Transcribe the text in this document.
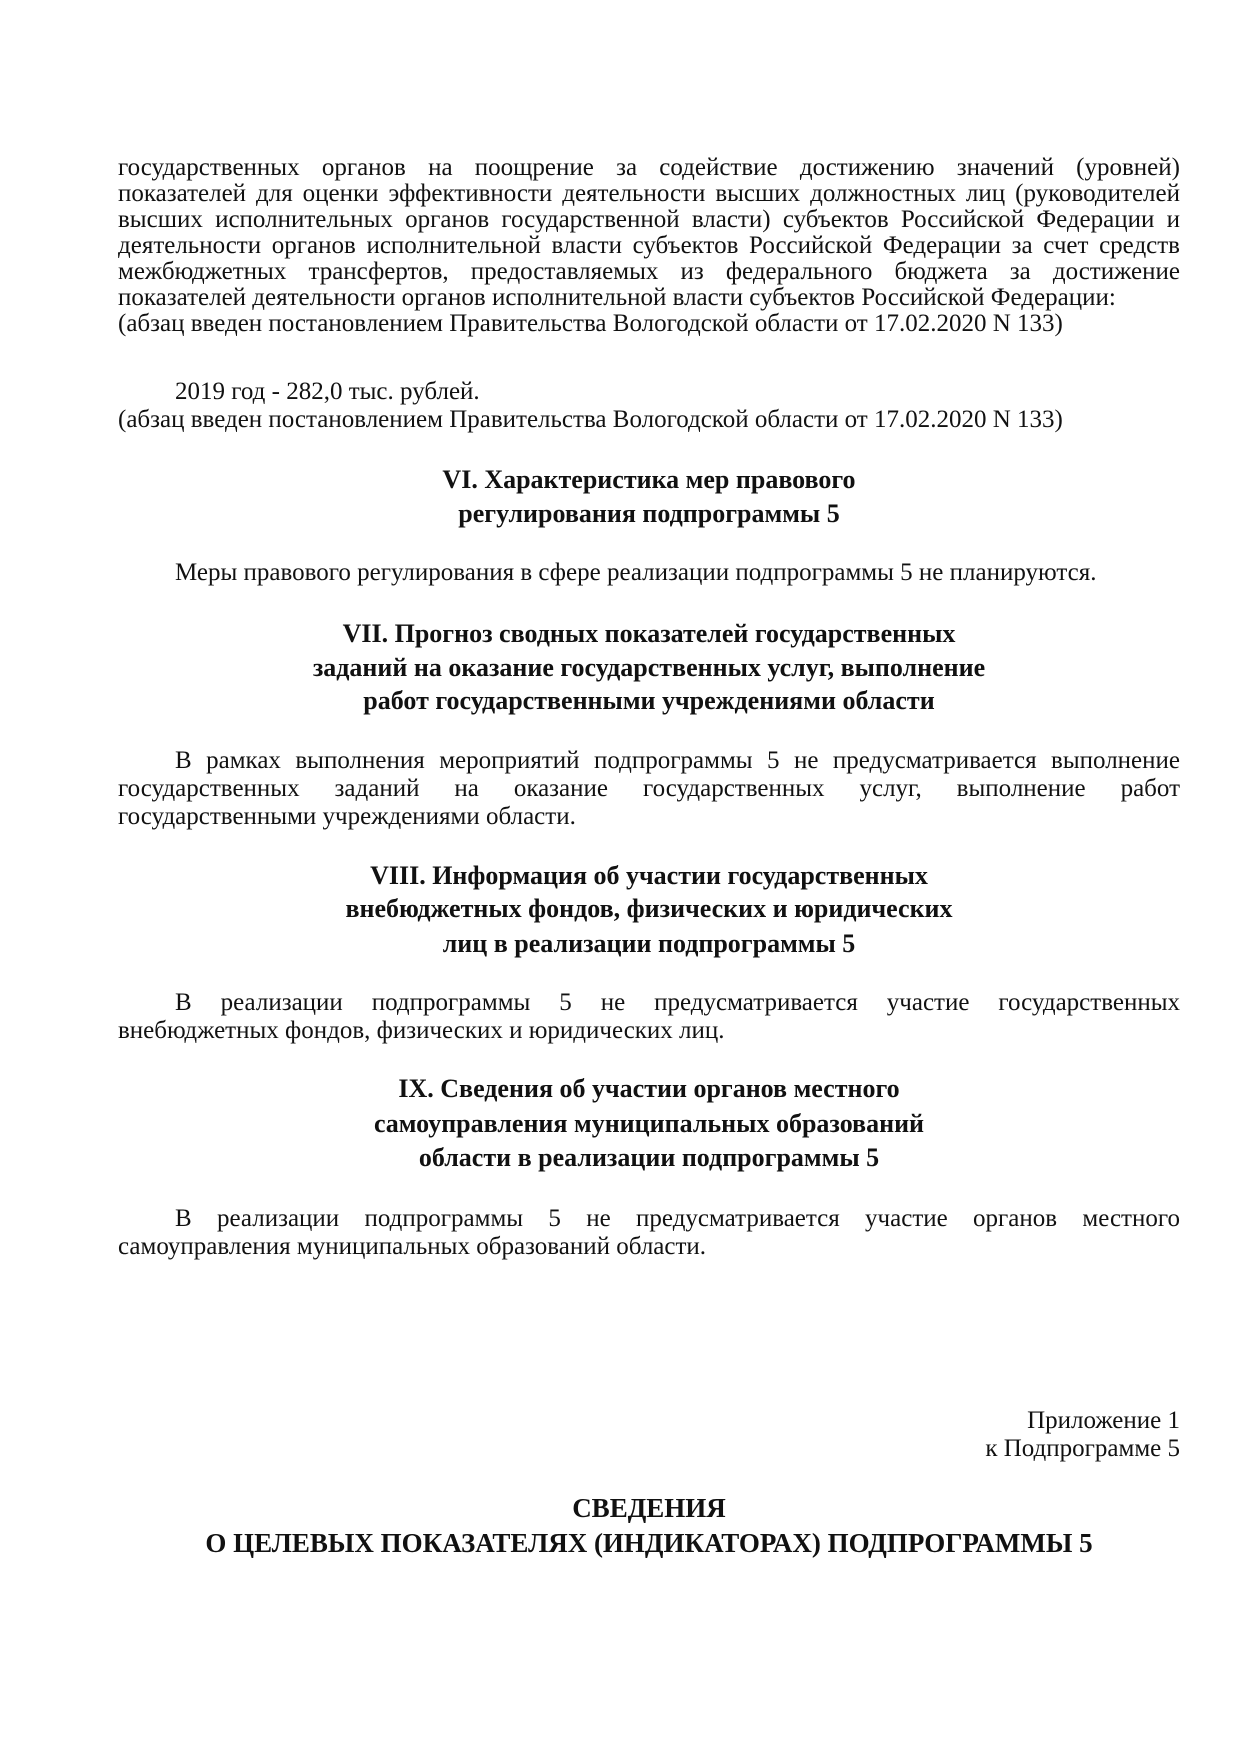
государственных органов на поощрение за содействие достижению значений (уровней)
показателей для оценки эффективности деятельности высших должностных лиц (руководителей
высших исполнительных органов государственной власти) субъектов Российской Федерации и
деятельности органов исполнительной власти субъектов Российской Федерации за счет средств
межбюджетных трансфертов, предоставляемых из федерального бюджета за достижение
показателей деятельности органов исполнительной власти субъектов Российской Федерации:
(абзац введен постановлением Правительства Вологодской области от 17.02.2020 N 133)
2019 год - 282,0 тыс. рублей.
(абзац введен постановлением Правительства Вологодской области от 17.02.2020 N 133)
VI. Характеристика мер правового
регулирования подпрограммы 5
Меры правового регулирования в сфере реализации подпрограммы 5 не планируются.
VII. Прогноз сводных показателей государственных
заданий на оказание государственных услуг, выполнение
работ государственными учреждениями области
В рамках выполнения мероприятий подпрограммы 5 не предусматривается выполнение
государственных заданий на оказание государственных услуг, выполнение работ
государственными учреждениями области.
VIII. Информация об участии государственных
внебюджетных фондов, физических и юридических
лиц в реализации подпрограммы 5
В реализации подпрограммы 5 не предусматривается участие государственных
внебюджетных фондов, физических и юридических лиц.
IX. Сведения об участии органов местного
самоуправления муниципальных образований
области в реализации подпрограммы 5
В реализации подпрограммы 5 не предусматривается участие органов местного
самоуправления муниципальных образований области.
Приложение 1
к Подпрограмме 5
СВЕДЕНИЯ
О ЦЕЛЕВЫХ ПОКАЗАТЕЛЯХ (ИНДИКАТОРАХ) ПОДПРОГРАММЫ 5
